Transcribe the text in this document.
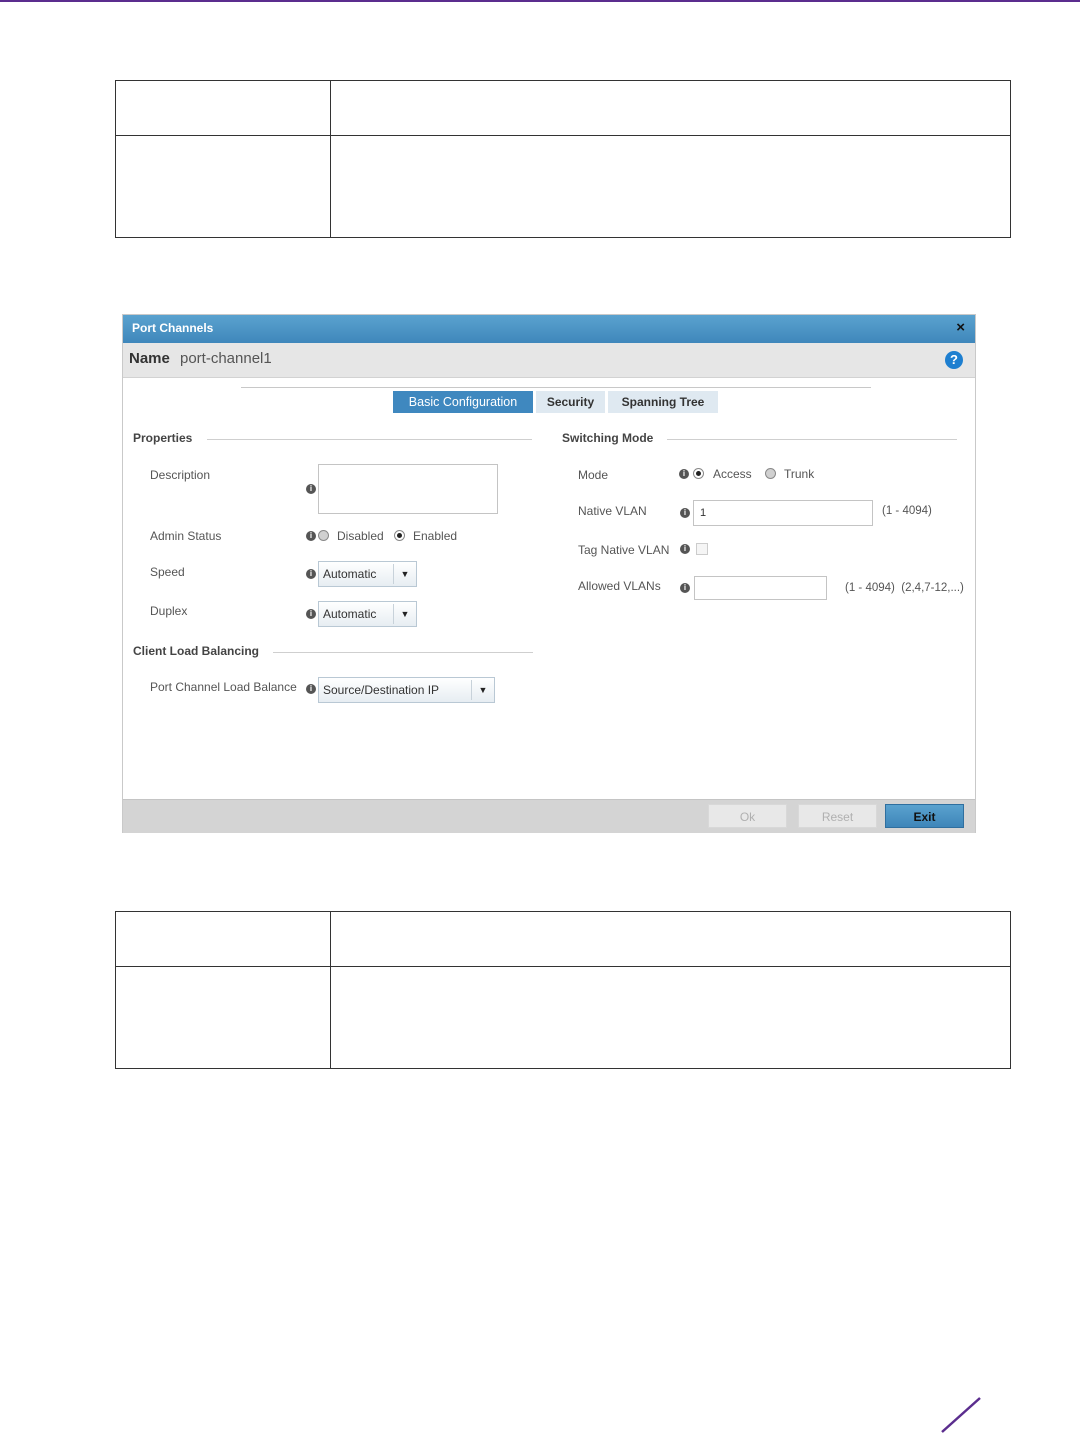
Port Channels	×
Name port-channel1	?
Basic Configuration	Security	Spanning Tree
Properties
Description
i
Admin Status	i	Disabled Enabled
Speed	i Automatic	▼
Duplex	i Automatic	▼
Client Load Balancing
Port Channel Load Balance	i Source/Destination IP	▼
Switching Mode
Mode	i	Access	Trunk
Native VLAN	i	1	(1 - 4094)
Tag Native VLAN	i
Allowed VLANs	i	(1 - 4094)  (2,4,7-12,...)
Ok	Reset	Exit
